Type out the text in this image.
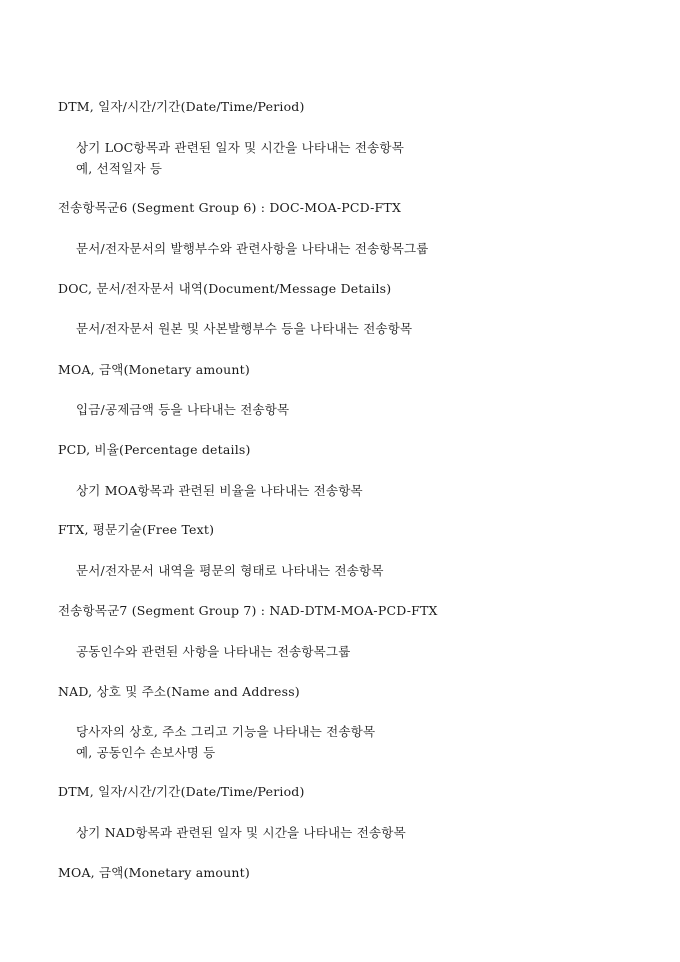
DTM, 일자/시간/기간(Date/Time/Period)
상기 LOC항목과 관련된 일자 및 시간을 나타내는 전송항목
예, 선적일자 등
전송항목군6 (Segment Group 6) : DOC-MOA-PCD-FTX
문서/전자문서의 발행부수와 관련사항을 나타내는 전송항목그룹
DOC, 문서/전자문서 내역(Document/Message Details)
문서/전자문서 원본 및 사본발행부수 등을 나타내는 전송항목
MOA, 금액(Monetary amount)
입금/공제금액 등을 나타내는 전송항목
PCD, 비율(Percentage details)
상기 MOA항목과 관련된 비율을 나타내는 전송항목
FTX, 평문기술(Free Text)
문서/전자문서 내역을 평문의 형태로 나타내는 전송항목
전송항목군7 (Segment Group 7) : NAD-DTM-MOA-PCD-FTX
공동인수와 관련된 사항을 나타내는 전송항목그룹
NAD, 상호 및 주소(Name and Address)
당사자의 상호, 주소 그리고 기능을 나타내는 전송항목
예, 공동인수 손보사명 등
DTM, 일자/시간/기간(Date/Time/Period)
상기 NAD항목과 관련된 일자 및 시간을 나타내는 전송항목
MOA, 금액(Monetary amount)
